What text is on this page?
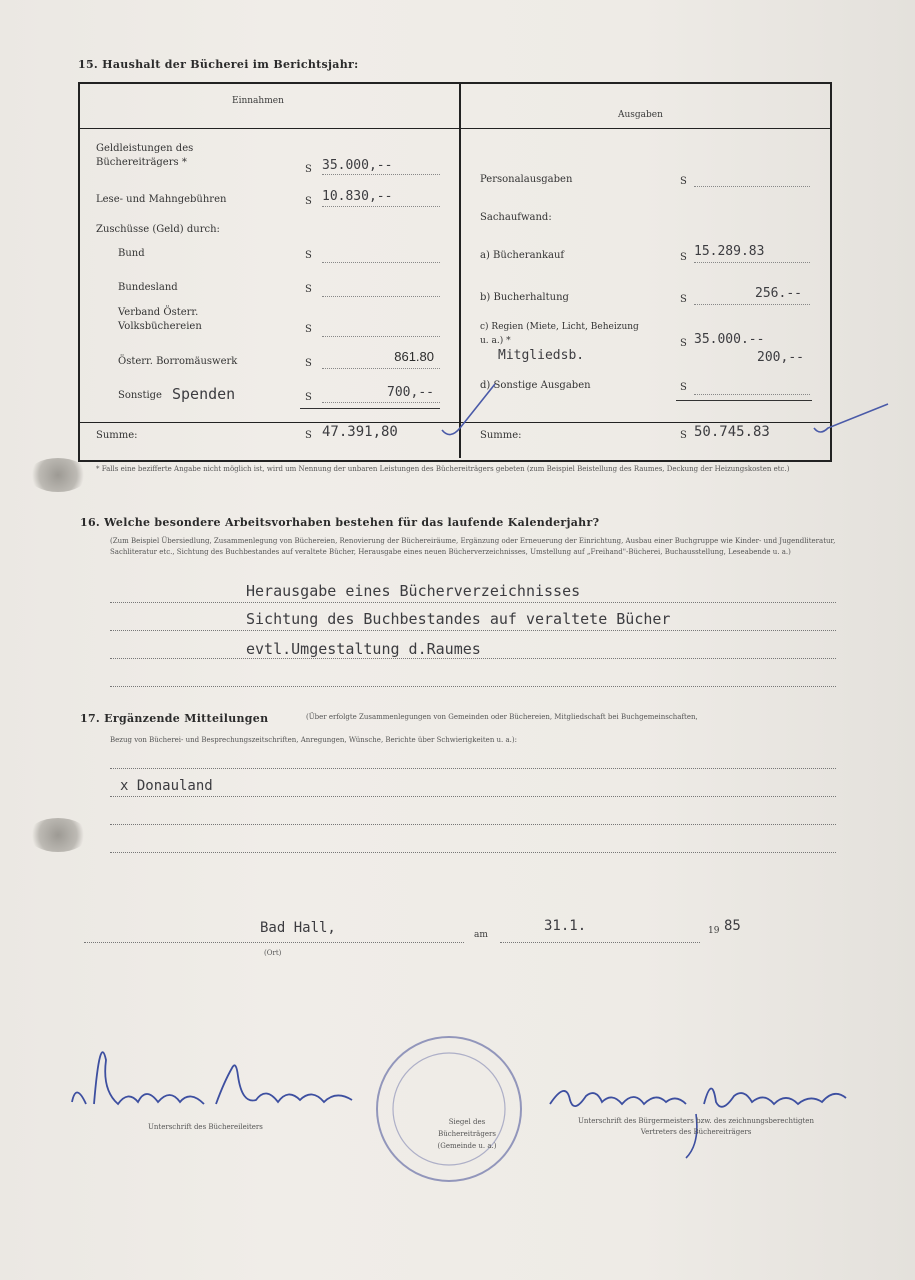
15. Haushalt der Bücherei im Berichtsjahr:
Einnahmen
Ausgaben
Geldleistungen des Büchereiträgers *
S 35.000,--
Lese- und Mahngebühren	S 10.830,--
Zuschüsse (Geld) durch:
Bund	S
Bundesland	S
Verband Österr. Volksbüchereien	S
Österr. Borromäuswerk	S	861.80
Sonstige Spenden	S	700,--
Summe:	S 47.391,80
Personalausgaben	S
Sachaufwand:
a) Bücherankauf	S 15.289.83
b) Bucherhaltung	S	256.--
c) Regien (Miete, Licht, Beheizung u. a.) *	S 35.000.--
Mitgliedsb.	200,--
d) Sonstige Ausgaben	S
Summe:	S 50.745.83
* Falls eine bezifferte Angabe nicht möglich ist, wird um Nennung der unbaren Leistungen des Büchereiträgers gebeten (zum Beispiel Beistellung des Raumes, Deckung der Heizungskosten etc.)
16. Welche besondere Arbeitsvorhaben bestehen für das laufende Kalenderjahr?
(Zum Beispiel Übersiedlung, Zusammenlegung von Büchereien, Renovierung der Büchereiräume, Ergänzung oder Erneuerung der Einrichtung, Ausbau einer Buchgruppe wie Kinder- und Jugendliteratur, Sachliteratur etc., Sichtung des Buchbestandes auf veraltete Bücher, Herausgabe eines neuen Bücherverzeichnisses, Umstellung auf „Freihand"-Bücherei, Buchausstellung, Leseabende u. a.)
Herausgabe eines Bücherverzeichnisses
Sichtung des Buchbestandes auf veraltete Bücher
evtl.Umgestaltung d.Raumes
17. Ergänzende Mitteilungen	(Über erfolgte Zusammenlegungen von Gemeinden oder Büchereien, Mitgliedschaft bei Buchgemeinschaften,
Bezug von Bücherei- und Besprechungszeitschriften, Anregungen, Wünsche, Berichte über Schwierigkeiten u. a.):
x Donauland
Bad Hall,
(Ort)
am
31.1.	19 85
Unterschrift des Büchereileiters
Siegel des Büchereiträgers (Gemeinde u. a.)
Unterschrift des Bürgermeisters bzw. des zeichnungsberechtigten Vertreters des Büchereiträgers
